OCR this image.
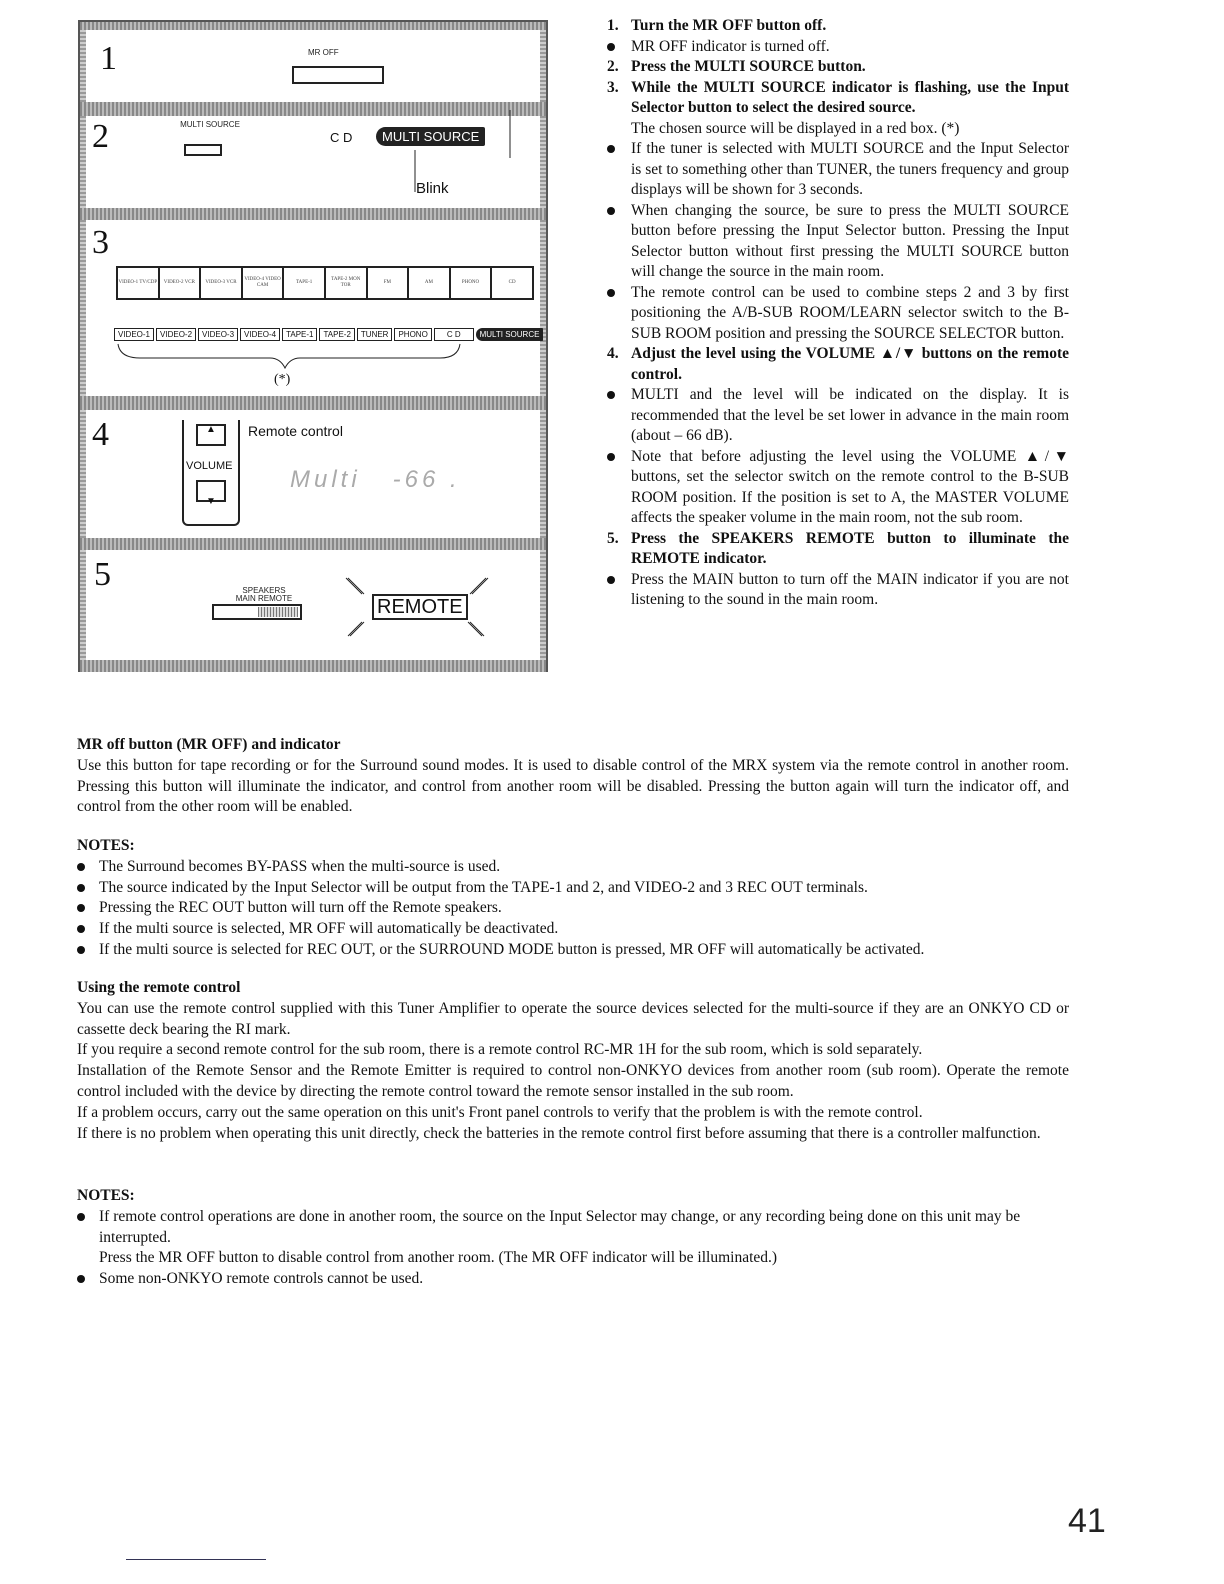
1	MR OFF
2	MULTI SOURCE
C D	MULTI SOURCE
Blink
3
VIDEO-1 TV/CDP	VIDEO-2 VCR	VIDEO-3 VCR
VIDEO-4 VIDEO CAM
TAPE-1
TAPE-2 MON TOR
FM	AM	PHONO	CD
VIDEO-1	VIDEO-2	VIDEO-3	VIDEO-4	TAPE-1	TAPE-2	TUNER	PHONO	C D	MULTI SOURCE
(*)
4	▲
VOLUME
▼
Remote control
Multi   -66 .
5	SPEAKERS
MAIN REMOTE	REMOTE
1. Turn the MR OFF button off.
MR OFF indicator is turned off.
2. Press the MULTI SOURCE button.
3. While the MULTI SOURCE indicator is flashing, use the Input Selector button to select the desired source.
The chosen source will be displayed in a red box. (*)
If the tuner is selected with MULTI SOURCE and the Input Selector is set to something other than TUNER, the tuners frequency and group displays will be shown for 3 seconds.
When changing the source, be sure to press the MULTI SOURCE button before pressing the Input Selector button. Pressing the Input Selector button without first pressing the MULTI SOURCE button will change the source in the main room.
The remote control can be used to combine steps 2 and 3 by first positioning the A/B-SUB ROOM/LEARN selector switch to the B-SUB ROOM position and pressing the SOURCE SELECTOR button.
4. Adjust the level using the VOLUME ▲/▼ buttons on the remote control.
MULTI and the level will be indicated on the display. It is recommended that the level be set lower in advance in the main room (about – 66 dB).
Note that before adjusting the level using the VOLUME ▲/▼ buttons, set the selector switch on the remote control to the B-SUB ROOM position. If the position is set to A, the MASTER VOLUME affects the speaker volume in the main room, not the sub room.
5. Press the SPEAKERS REMOTE button to illuminate the REMOTE indicator.
Press the MAIN button to turn off the MAIN indicator if you are not listening to the sound in the main room.
MR off button (MR OFF) and indicator

Use this button for tape recording or for the Surround sound modes. It is used to disable control of the MRX system via the remote control in another room. Pressing this button will illuminate the indicator, and control from another room will be disabled. Pressing the button again will turn the indicator off, and control from the other room will be enabled.

NOTES:
The Surround becomes BY-PASS when the multi-source is used.
The source indicated by the Input Selector will be output from the TAPE-1 and 2, and VIDEO-2 and 3 REC OUT terminals.
Pressing the REC OUT button will turn off the Remote speakers.
If the multi source is selected, MR OFF will automatically be deactivated.
If the multi source is selected for REC OUT, or the SURROUND MODE button is pressed, MR OFF will automatically be activated.
Using the remote control

You can use the remote control supplied with this Tuner Amplifier to operate the source devices selected for the multi-source if they are an ONKYO CD or cassette deck bearing the RI mark.

If you require a second remote control for the sub room, there is a remote control RC-MR 1H for the sub room, which is sold separately.

Installation of the Remote Sensor and the Remote Emitter is required to control non-ONKYO devices from another room (sub room). Operate the remote control included with the device by directing the remote control toward the remote sensor installed in the sub room.

If a problem occurs, carry out the same operation on this unit's Front panel controls to verify that the problem is with the remote control.

If there is no problem when operating this unit directly, check the batteries in the remote control first before assuming that there is a controller malfunction.

NOTES:
If remote control operations are done in another room, the source on the Input Selector may change, or any recording being done on this unit may be interrupted.
Press the MR OFF button to disable control from another room. (The MR OFF indicator will be illuminated.)
Some non-ONKYO remote controls cannot be used.
41
